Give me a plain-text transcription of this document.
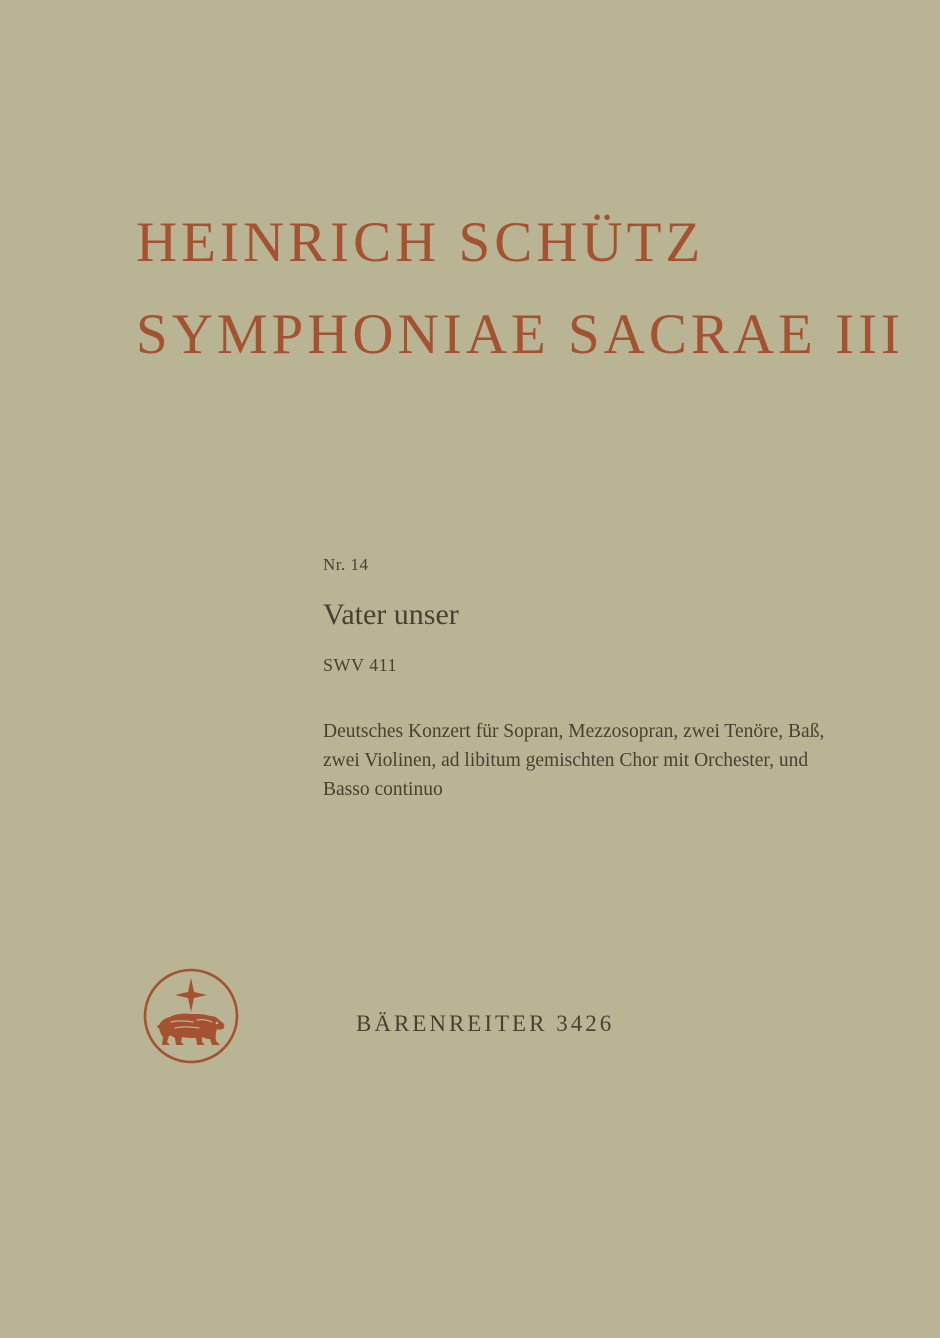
HEINRICH SCHÜTZ
SYMPHONIAE SACRAE III
Nr. 14
Vater unser
SWV 411
Deutsches Konzert für Sopran, Mezzosopran, zwei Tenöre, Baß,
zwei Violinen, ad libitum gemischten Chor mit Orchester, und
Basso continuo
BÄRENREITER 3426
